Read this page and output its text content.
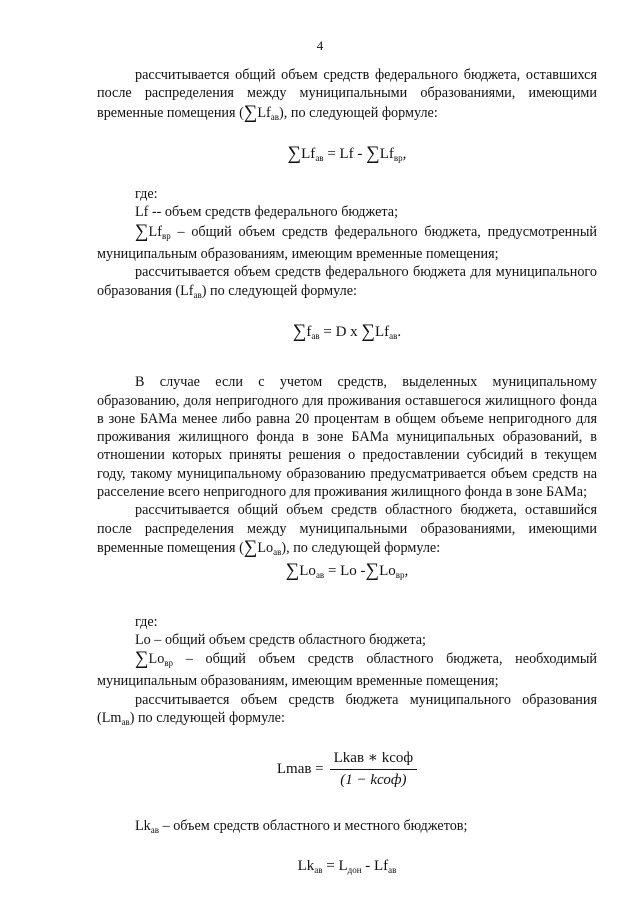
4

рассчитывается общий объем средств федерального бюджета, оставшихся после распределения между муниципальными образованиями, имеющими временные помещения $(\sum Lf_{ав})$, по следующей формуле:

$\sum Lf_{ав} = Lf - \sum Lf_{вр}$,

где:

Lf -- объем средств федерального бюджета;

$\sum Lf_{вр}$ – общий объем средств федерального бюджета, предусмотренный муниципальным образованиям, имеющим временные помещения;

рассчитывается объем средств федерального бюджета для муниципального образования $(Lf_{ав})$ по следующей формуле:

$\sum f_{ав} = D$ x $\sum Lf_{ав}$.

В случае если с учетом средств, выделенных муниципальному образованию, доля непригодного для проживания оставшегося жилищного фонда в зоне БАМа менее либо равна 20 процентам в общем объеме непригодного для проживания жилищного фонда в зоне БАМа муниципальных образований, в отношении которых приняты решения о предоставлении субсидий в текущем году, такому муниципальному образованию предусматривается объем средств на расселение всего непригодного для проживания жилищного фонда в зоне БАМа;

рассчитывается общий объем средств областного бюджета, оставшийся после распределения между муниципальными образованиями, имеющими временные помещения $(\sum Lo_{ав})$, по следующей формуле:

$\sum Lo_{ав} = Lo$ $-\sum Lo_{вр}$,

где:

Lo – общий объем средств областного бюджета;

$\sum Lo_{вр}$ – общий объем средств областного бюджета, необходимый муниципальным образованиям, имеющим временные помещения;

рассчитывается объем средств бюджета муниципального образования $(Lm_{ав})$ по следующей формуле:

Lmав = $\frac{\text{Lkав ∗ kсоф}}{\text{(1 − kсоф)}}$

$Lk_{ав}$ – объем средств областного и местного бюджетов;

$Lk_{ав} = L_{дон} - Lf_{ав}$
